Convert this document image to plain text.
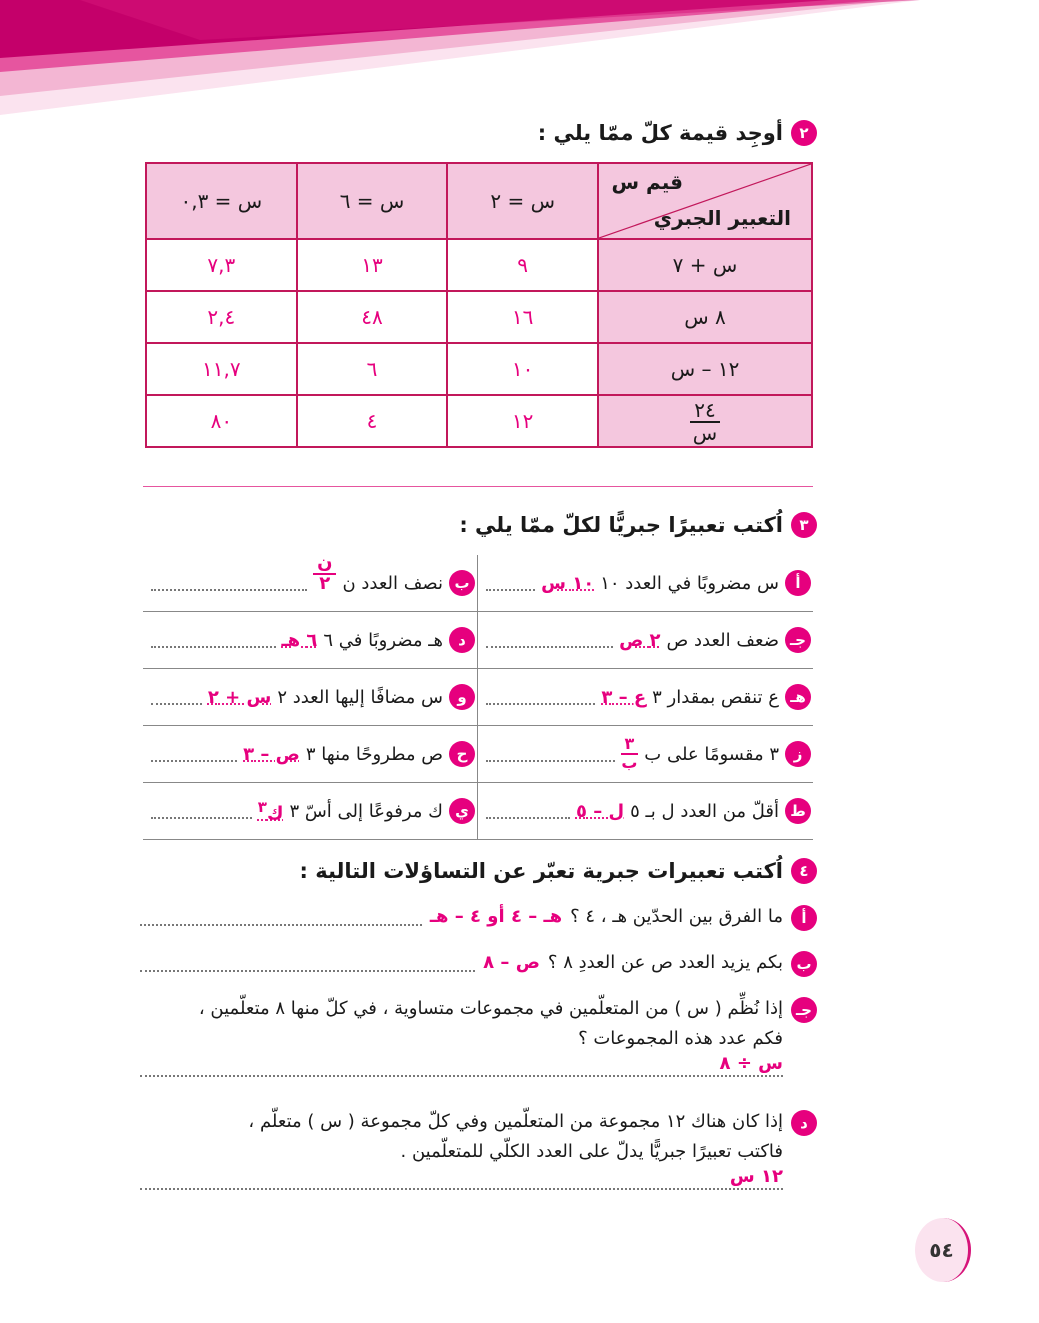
٢
أوجِد قيمة كلّ ممّا يلي :
قيم س
التعبير الجبري	س = ٢	س = ٦	س = ٠,٣
س + ٧	٩	١٣	٧,٣
٨ س	١٦	٤٨	٢,٤
١٢ – س	١٠	٦	١١,٧

$\frac{٢٤}{\text{س}}$	١٢	٤	٨٠
٣
اُكتب تعبيرًا جبريًّا لكلّ ممّا يلي :
أ
س مضروبًا في العدد ١٠
١٠ س
ب
نصف العدد ن
$\frac{\text{ن}}{٢}$
جـ
ضعف العدد ص
٢ ص
د
هـ مضروبًا في ٦
٦ هـ
هـ
ع تنقص بمقدار ٣
ع – ٣
و
س مضافًا إليها العدد ٢
س + ٢
ز
٣ مقسومًا على ب
$\frac{٣}{\text{ب}}$
ح
ص مطروحًا منها ٣
ص – ٣
ط
أقلّ من العدد ل بـ ٥
ل – ٥
ي
ك مرفوعًا إلى أسّ ٣
ك$^٣$
٤
اُكتب تعبيرات جبرية تعبّر عن التساؤلات التالية :
أ
ما الفرق بين الحدّين هـ ، ٤ ؟
هـ – ٤ أو ٤ – هـ
ب
بكم يزيد العدد ص عن العددِ ٨ ؟
ص – ٨
جـ
إذا نُظِّم ( س ) من المتعلّمين في مجموعات متساوية ، في كلّ منها ٨ متعلّمين ،
فكم عدد هذه المجموعات ؟
س ÷ ٨
د
إذا كان هناك ١٢ مجموعة من المتعلّمين وفي كلّ مجموعة ( س ) متعلّم ،
فاكتب تعبيرًا جبريًّا يدلّ على العدد الكلّي للمتعلّمين .
١٢ س
٥٤
